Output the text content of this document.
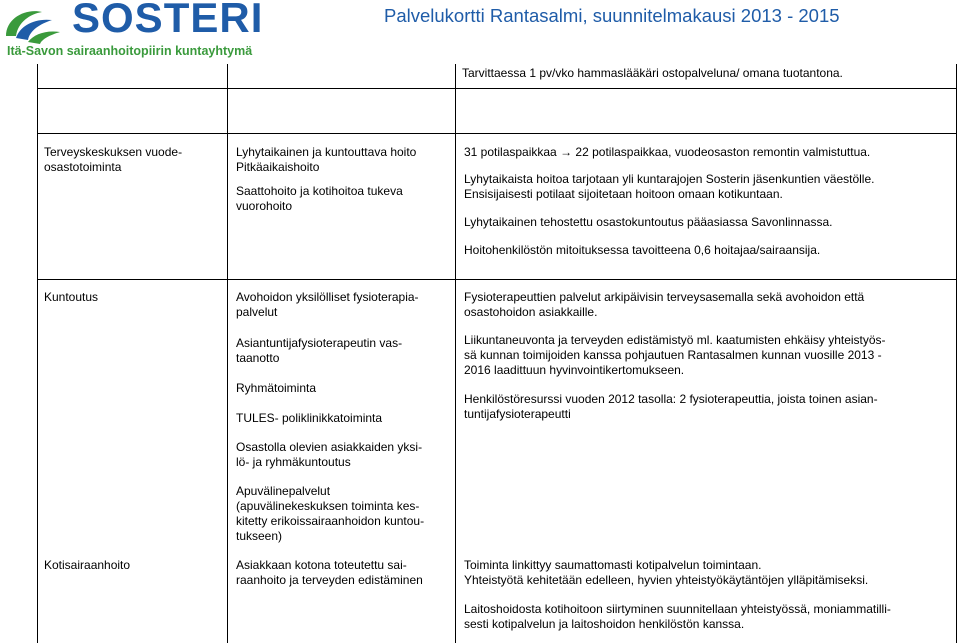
SOSTERI
Itä-Savon sairaanhoitopiirin kuntayhtymä
Palvelukortti Rantasalmi, suunnitelmakausi 2013 - 2015

Tarvittaessa 1 pv/vko hammaslääkäri ostopalveluna/ omana tuotantona.

Terveyskeskuksen vuode-
osastotoiminta

Lyhytaikainen ja kuntouttava hoito
Pitkäaikaishoito

Saattohoito ja kotihoitoa tukeva
vuorohoito

31 potilaspaikkaa → 22 potilaspaikkaa, vuodeosaston remontin valmistuttua.

Lyhytaikaista hoitoa tarjotaan yli kuntarajojen Sosterin jäsenkuntien väestölle.
Ensisijaisesti potilaat sijoitetaan hoitoon omaan kotikuntaan.

Lyhytaikainen tehostettu osastokuntoutus pääasiassa Savonlinnassa.

Hoitohenkilöstön mitoituksessa tavoitteena 0,6 hoitajaa/sairaansija.

Kuntoutus	Avohoidon yksilölliset fysioterapia-
palvelut

Asiantuntijafysioterapeutin vas-
taanotto

Ryhmätoiminta

TULES- poliklinikkatoiminta

Osastolla olevien asiakkaiden yksi-
lö- ja ryhmäkuntoutus

Apuvälinepalvelut
(apuvälinekeskuksen toiminta kes-
kitetty erikoissairaanhoidon kuntou-
tukseen)

Fysioterapeuttien palvelut arkipäivisin terveysasemalla sekä avohoidon että
osastohoidon asiakkaille.

Liikuntaneuvonta ja terveyden edistämistyö ml. kaatumisten ehkäisy yhteistyös-
sä kunnan toimijoiden kanssa pohjautuen Rantasalmen kunnan vuosille 2013 -
2016 laadittuun hyvinvointikertomukseen.

Henkilöstöresurssi vuoden 2012 tasolla: 2 fysioterapeuttia, joista toinen asian-
tuntijafysioterapeutti

Kotisairaanhoito	Asiakkaan kotona toteutettu sai-
raanhoito ja terveyden edistäminen

Toiminta linkittyy saumattomasti kotipalvelun toimintaan.
Yhteistyötä kehitetään edelleen, hyvien yhteistyökäytäntöjen ylläpitämiseksi.

Laitoshoidosta kotihoitoon siirtyminen suunnitellaan yhteistyössä, moniammatilli-
sesti kotipalvelun ja laitoshoidon henkilöstön kanssa.
